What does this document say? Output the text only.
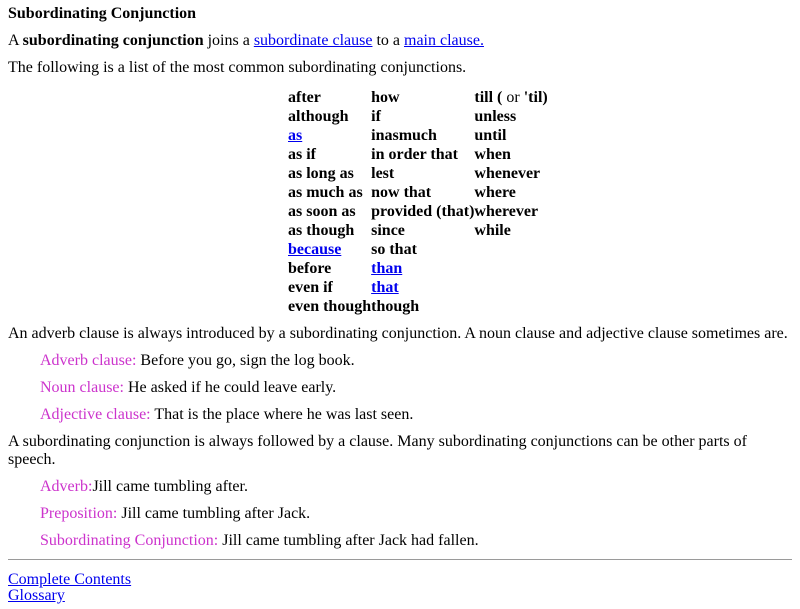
Subordinating Conjunction

A subordinating conjunction joins a subordinate clause to a main clause.

The following is a list of the most common subordinating conjunctions.

after	how	till ( or 'til)
although	if	unless
as	inasmuch	until
as if	in order that	when
as long as	lest	whenever
as much as	now that	where
as soon as	provided (that)	wherever
as though	since	while
because	so that	
before	than	
even if	that	
even though	though	

An adverb clause is always introduced by a subordinating conjunction. A noun clause and adjective clause sometimes are.

Adverb clause: Before you go, sign the log book.

Noun clause: He asked if he could leave early.

Adjective clause: That is the place where he was last seen.

A subordinating conjunction is always followed by a clause. Many subordinating conjunctions can be other parts of speech.

Adverb:Jill came tumbling after.

Preposition: Jill came tumbling after Jack.

Subordinating Conjunction: Jill came tumbling after Jack had fallen.

Complete Contents
Glossary
